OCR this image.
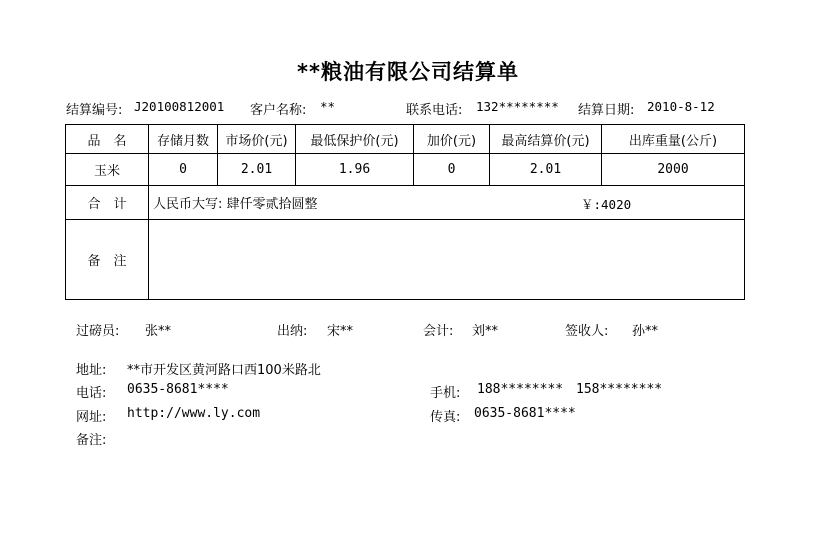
**粮油有限公司结算单
结算编号: J20100812001 客户名称: **	联系电话: 132******** 结算日期: 2010-8-12
品　名	存储月数	市场价(元)	最低保护价(元)	加价(元)	最高结算价(元)	出库重量(公斤)
玉米	0	2.01	1.96	0	2.01	2000
合　计	人民币大写: 肆仟零贰拾圆整 ￥:4020					

备　注						
过磅员: 张**	出纳: 宋**	会计: 刘**	签收人: 孙**
地址: **市开发区黄河路口西100米路北
电话: 0635-8681****	手机: 188******** 158********
网址: http://www.ly.com	传真: 0635-8681****
备注:
